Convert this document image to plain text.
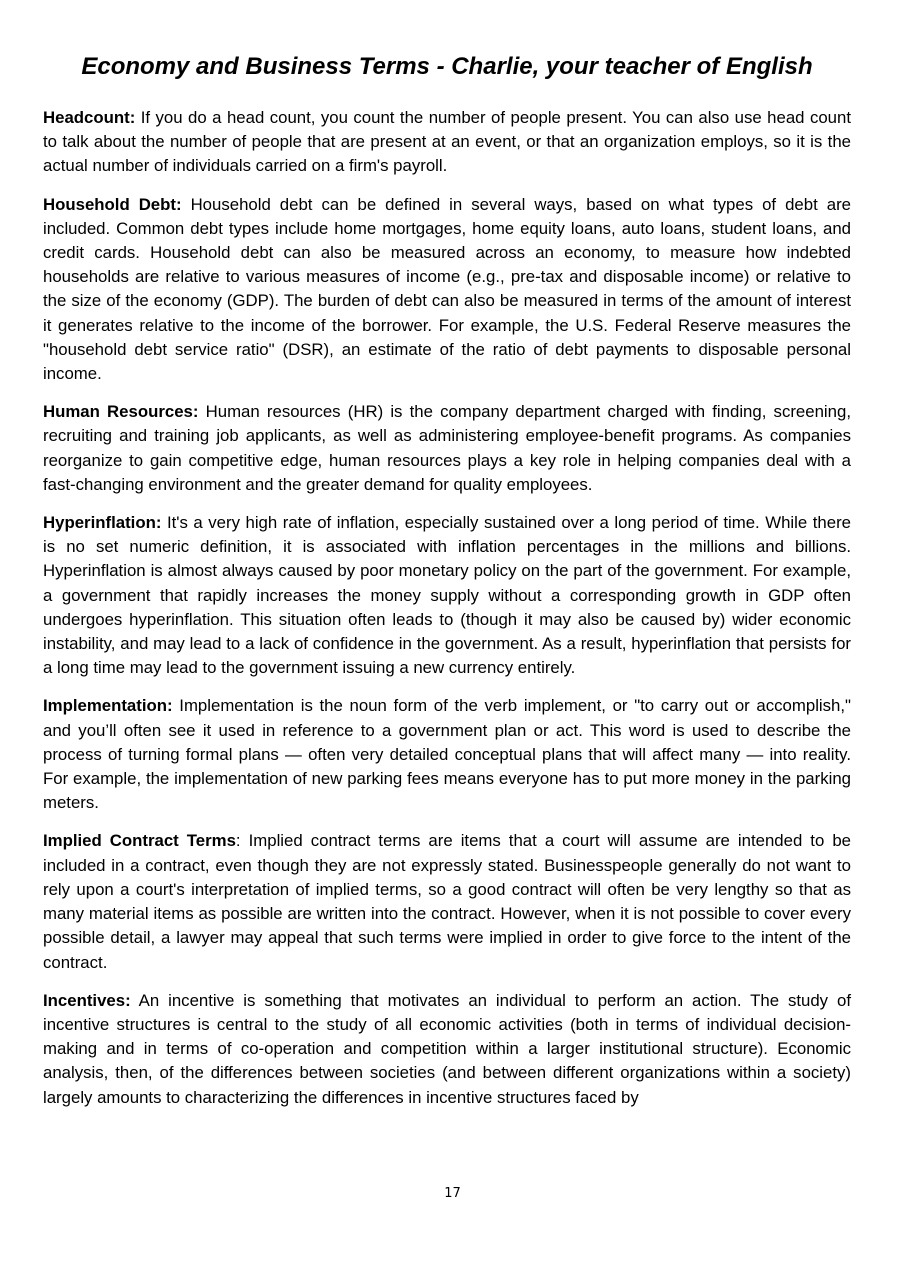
Economy and Business Terms - Charlie, your teacher of English

Headcount: If you do a head count, you count the number of people present. You can also use head count to talk about the number of people that are present at an event, or that an organization employs, so it is the actual number of individuals carried on a firm's payroll.

Household Debt: Household debt can be defined in several ways, based on what types of debt are included. Common debt types include home mortgages, home equity loans, auto loans, student loans, and credit cards. Household debt can also be measured across an economy, to measure how indebted households are relative to various measures of income (e.g., pre-tax and disposable income) or relative to the size of the economy (GDP). The burden of debt can also be measured in terms of the amount of interest it generates relative to the income of the borrower. For example, the U.S. Federal Reserve measures the "household debt service ratio" (DSR), an estimate of the ratio of debt payments to disposable personal income.

Human Resources: Human resources (HR) is the company department charged with finding, screening, recruiting and training job applicants, as well as administering employee-benefit programs. As companies reorganize to gain competitive edge, human resources plays a key role in helping companies deal with a fast-changing environment and the greater demand for quality employees.

Hyperinflation: It's a very high rate of inflation, especially sustained over a long period of time. While there is no set numeric definition, it is associated with inflation percentages in the millions and billions. Hyperinflation is almost always caused by poor monetary policy on the part of the government. For example, a government that rapidly increases the money supply without a corresponding growth in GDP often undergoes hyperinflation. This situation often leads to (though it may also be caused by) wider economic instability, and may lead to a lack of confidence in the government. As a result, hyperinflation that persists for a long time may lead to the government issuing a new currency entirely.

Implementation: Implementation is the noun form of the verb implement, or "to carry out or accomplish," and you’ll often see it used in reference to a government plan or act. This word is used to describe the process of turning formal plans — often very detailed conceptual plans that will affect many — into reality. For example, the implementation of new parking fees means everyone has to put more money in the parking meters.

Implied Contract Terms: Implied contract terms are items that a court will assume are intended to be included in a contract, even though they are not expressly stated. Businesspeople generally do not want to rely upon a court's interpretation of implied terms, so a good contract will often be very lengthy so that as many material items as possible are written into the contract. However, when it is not possible to cover every possible detail, a lawyer may appeal that such terms were implied in order to give force to the intent of the contract.

Incentives: An incentive is something that motivates an individual to perform an action. The study of incentive structures is central to the study of all economic activities (both in terms of individual decision-making and in terms of co-operation and competition within a larger institutional structure). Economic analysis, then, of the differences between societies (and between different organizations within a society) largely amounts to characterizing the differences in incentive structures faced by

17
